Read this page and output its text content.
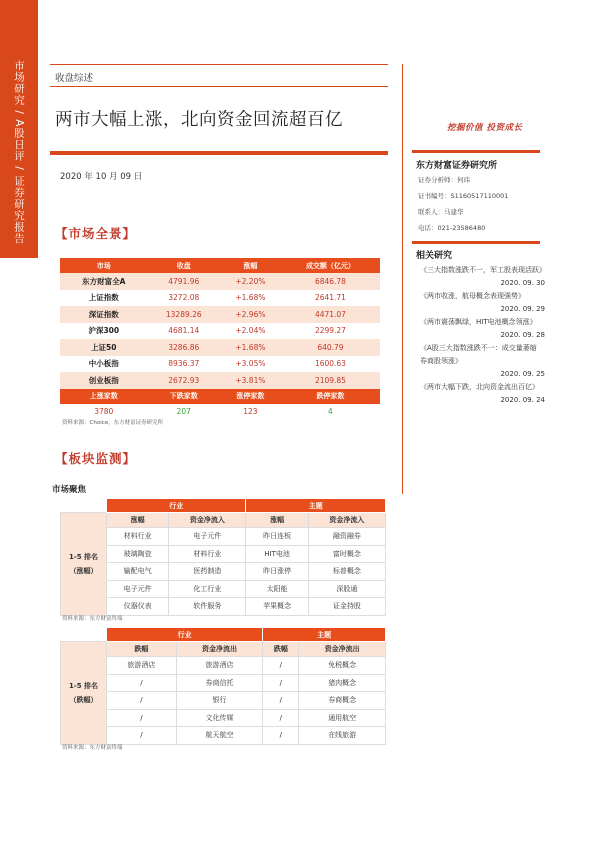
市场研究 / A股日评 / 证券研究报告	收盘综述
两市大幅上涨，北向资金回流超百亿
2020 年 10 月 09 日
挖掘价值 投资成长
东方财富证券研究所
证券分析师：何玮
证书编号：S1160517110001
联系人：马建华
电话：021-23586480
相关研究
《三大指数涨跌不一，军工股表现活跃》
2020. 09. 30
《两市收涨，航母概念表现强势》
2020. 09. 29
《两市震荡飘绿，HIT电池概念领涨》
2020. 09. 28
《A股三大指数涨跌不一：成交量萎缩 券商股领涨》
2020. 09. 25
《两市大幅下跌，北向资金流出百亿》
2020. 09. 24
【市场全景】
市场	收盘	涨幅	成交额（亿元）
东方财富全A	4791.96	+2.20%	6846.78
上证指数	3272.08	+1.68%	2641.71
深证指数	13289.26	+2.96%	4471.07
沪深300	4681.14	+2.04%	2299.27
上证50	3286.86	+1.68%	640.79
中小板指	8936.37	+3.05%	1600.63
创业板指	2672.93	+3.81%	2109.85
上涨家数	下跌家数	涨停家数	跌停家数
3780	207	123	4
资料来源：Choice，东方财富证券研究所
【板块监测】
市场聚焦
	行业		主题	

1-5 排名
（涨幅）	涨幅	资金净流入	涨幅	资金净流入
	材料行业	电子元件	昨日连板	融资融券
	玻璃陶瓷	材料行业	HIT电池	富时概念
	输配电气	医药制造	昨日涨停	标普概念
	电子元件	化工行业	太阳能	深股通
	仪器仪表	软件服务	苹果概念	证金持股
资料来源：东方财富终端
	行业		主题	

1-5 排名
（跌幅）	跌幅	资金净流出	跌幅	资金净流出
	旅游酒店	旅游酒店	/	免税概念
	/	券商信托	/	猪肉概念
	/	银行	/	券商概念
	/	文化传媒	/	通用航空
	/	航天航空	/	在线旅游
资料来源：东方财富终端
